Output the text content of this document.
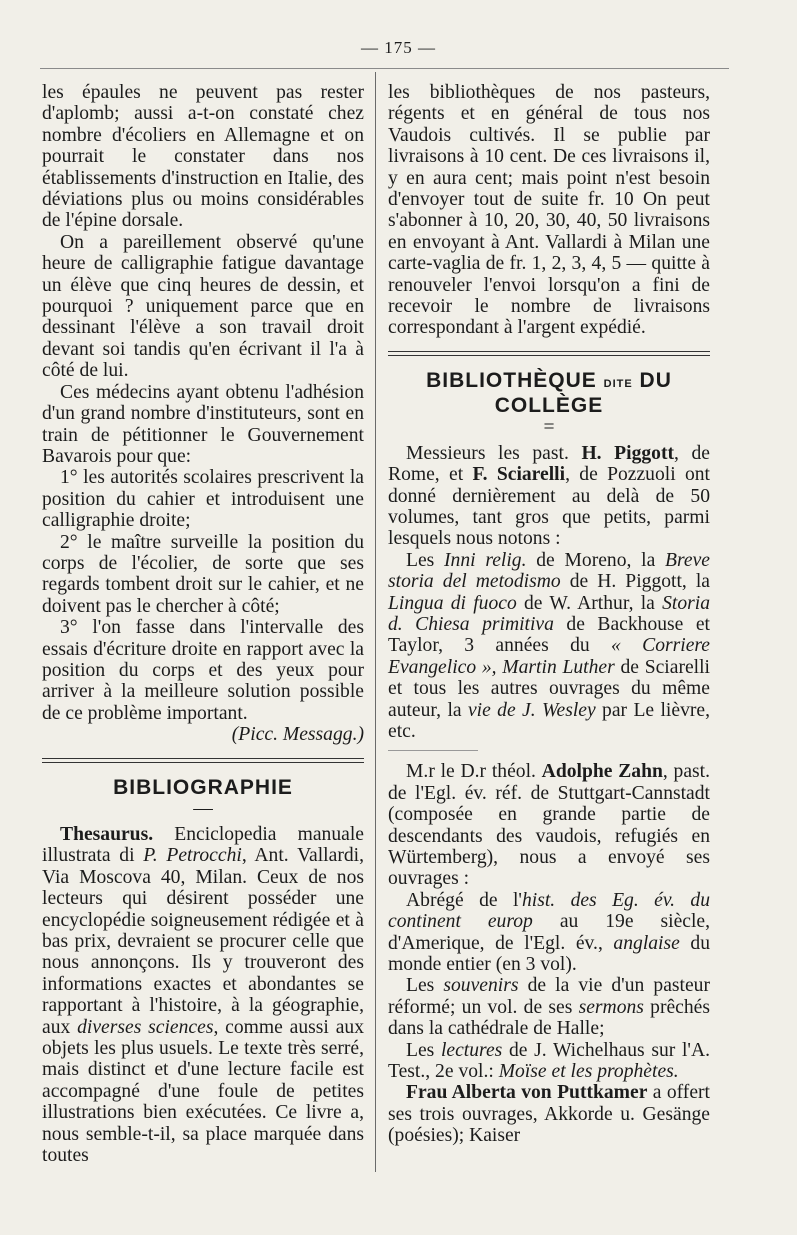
— 175 —

les épaules ne peuvent pas rester d'aplomb; aussi a-t-on constaté chez nombre d'écoliers en Allemagne et on pourrait le constater dans nos établissements d'instruction en Italie, des déviations plus ou moins considérables de l'épine dorsale.

On a pareillement observé qu'une heure de calligraphie fatigue davantage un élève que cinq heures de dessin, et pourquoi ? uniquement parce que en dessinant l'élève a son travail droit devant soi tandis qu'en écrivant il l'a à côté de lui.

Ces médecins ayant obtenu l'adhésion d'un grand nombre d'instituteurs, sont en train de pétitionner le Gouvernement Bavarois pour que:

1° les autorités scolaires prescrivent la position du cahier et introduisent une calligraphie droite;

2° le maître surveille la position du corps de l'écolier, de sorte que ses regards tombent droit sur le cahier, et ne doivent pas le chercher à côté;

3° l'on fasse dans l'intervalle des essais d'écriture droite en rapport avec la position du corps et des yeux pour arriver à la meilleure solution possible de ce problème important.

(Picc. Messagg.)

BIBLIOGRAPHIE
—

Thesaurus. Enciclopedia manuale illustrata di P. Petrocchi, Ant. Vallardi, Via Moscova 40, Milan. Ceux de nos lecteurs qui désirent posséder une encyclopédie soigneusement rédigée et à bas prix, devraient se procurer celle que nous annonçons. Ils y trouveront des informations exactes et abondantes se rapportant à l'histoire, à la géographie, aux diverses sciences, comme aussi aux objets les plus usuels. Le texte très serré, mais distinct et d'une lecture facile est accompagné d'une foule de petites illustrations bien exécutées. Ce livre a, nous semble-t-il, sa place marquée dans toutes

les bibliothèques de nos pasteurs, régents et en général de tous nos Vaudois cultivés. Il se publie par livraisons à 10 cent. De ces livraisons il, y en aura cent; mais point n'est besoin d'envoyer tout de suite fr. 10 On peut s'abonner à 10, 20, 30, 40, 50 livraisons en envoyant à Ant. Vallardi à Milan une carte-vaglia de fr. 1, 2, 3, 4, 5 — quitte à renouveler l'envoi lorsqu'on a fini de recevoir le nombre de livraisons correspondant à l'argent expédié.

BIBLIOTHÈQUE DITE DU COLLÈGE
=

Messieurs les past. H. Piggott, de Rome, et F. Sciarelli, de Pozzuoli ont donné dernièrement au delà de 50 volumes, tant gros que petits, parmi lesquels nous notons :

Les Inni relig. de Moreno, la Breve storia del metodismo de H. Piggott, la Lingua di fuoco de W. Arthur, la Storia d. Chiesa primitiva de Backhouse et Taylor, 3 années du « Corriere Evangelico », Martin Luther de Sciarelli et tous les autres ouvrages du même auteur, la vie de J. Wesley par Le lièvre, etc.

M.r le D.r théol. Adolphe Zahn, past. de l'Egl. év. réf. de Stuttgart-Cannstadt (composée en grande partie de descendants des vaudois, refugiés en Würtemberg), nous a envoyé ses ouvrages :

Abrégé de l'hist. des Eg. év. du continent europ au 19e siècle, d'Amerique, de l'Egl. év., anglaise du monde entier (en 3 vol).

Les souvenirs de la vie d'un pasteur réformé; un vol. de ses sermons prêchés dans la cathédrale de Halle;

Les lectures de J. Wichelhaus sur l'A. Test., 2e vol.: Moïse et les prophètes.

Frau Alberta von Puttkamer a offert ses trois ouvrages, Akkorde u. Gesänge (poésies); Kaiser
